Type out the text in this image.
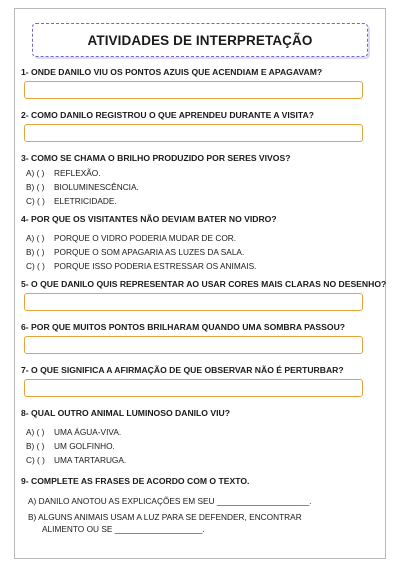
ATIVIDADES DE INTERPRETAÇÃO
1- ONDE DANILO VIU OS PONTOS AZUIS QUE ACENDIAM E APAGAVAM?
2- COMO DANILO REGISTROU O QUE APRENDEU DURANTE A VISITA?
3- COMO SE CHAMA O BRILHO PRODUZIDO POR SERES VIVOS?
A) ( ) REFLEXÃO.
B) ( ) BIOLUMINESCÊNCIA.
C) ( ) ELETRICIDADE.
4- POR QUE OS VISITANTES NÃO DEVIAM BATER NO VIDRO?
A) ( ) PORQUE O VIDRO PODERIA MUDAR DE COR.
B) ( ) PORQUE O SOM APAGARIA AS LUZES DA SALA.
C) ( ) PORQUE ISSO PODERIA ESTRESSAR OS ANIMAIS.
5- O QUE DANILO QUIS REPRESENTAR AO USAR CORES MAIS CLARAS NO DESENHO?
6- POR QUE MUITOS PONTOS BRILHARAM QUANDO UMA SOMBRA PASSOU?
7- O QUE SIGNIFICA A AFIRMAÇÃO DE QUE OBSERVAR NÃO É PERTURBAR?
8- QUAL OUTRO ANIMAL LUMINOSO DANILO VIU?
A) ( ) UMA ÁGUA-VIVA.
B) ( ) UM GOLFINHO.
C) ( ) UMA TARTARUGA.
9- COMPLETE AS FRASES DE ACORDO COM O TEXTO.
A) DANILO ANOTOU AS EXPLICAÇÕES EM SEU ____________________.
B) ALGUNS ANIMAIS USAM A LUZ PARA SE DEFENDER, ENCONTRAR
ALIMENTO OU SE ___________________.
